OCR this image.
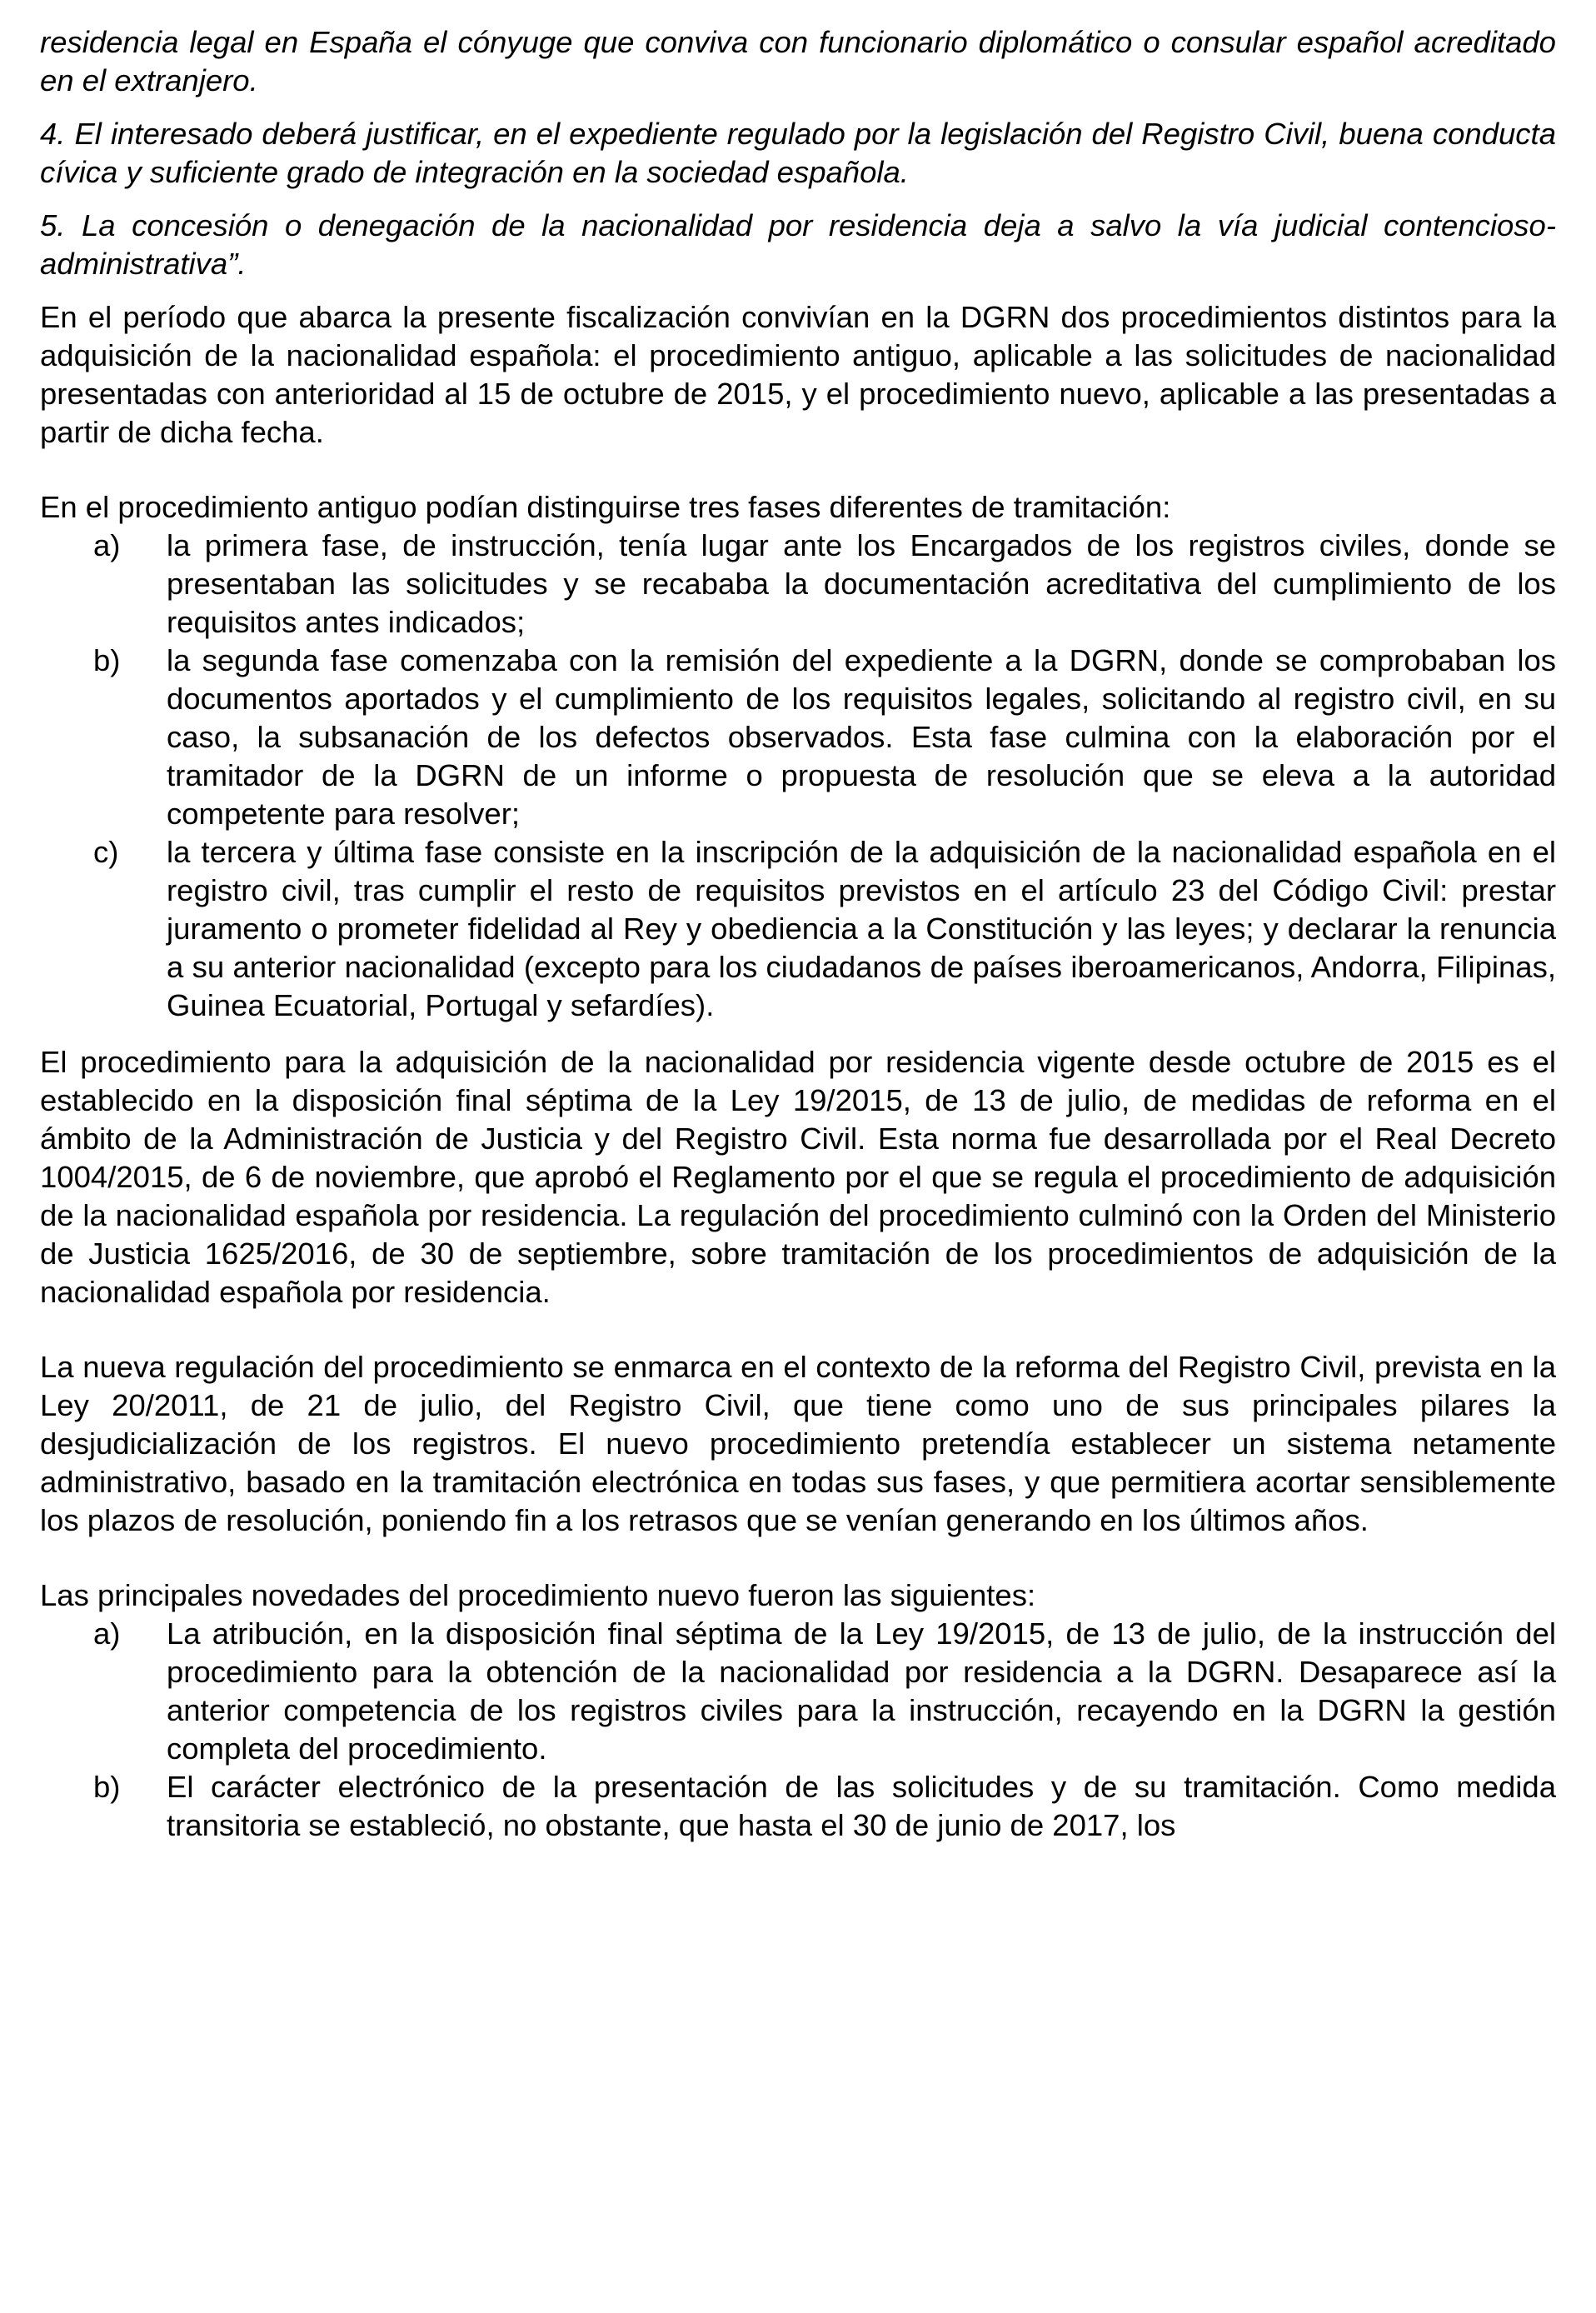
residencia legal en España el cónyuge que conviva con funcionario diplomático o consular español acreditado en el extranjero.

4. El interesado deberá justificar, en el expediente regulado por la legislación del Registro Civil, buena conducta cívica y suficiente grado de integración en la sociedad española.

5. La concesión o denegación de la nacionalidad por residencia deja a salvo la vía judicial contencioso-administrativa”.

En el período que abarca la presente fiscalización convivían en la DGRN dos procedimientos distintos para la adquisición de la nacionalidad española: el procedimiento antiguo, aplicable a las solicitudes de nacionalidad presentadas con anterioridad al 15 de octubre de 2015, y el procedimiento nuevo, aplicable a las presentadas a partir de dicha fecha.

En el procedimiento antiguo podían distinguirse tres fases diferentes de tramitación:

a) la primera fase, de instrucción, tenía lugar ante los Encargados de los registros civiles, donde se presentaban las solicitudes y se recababa la documentación acreditativa del cumplimiento de los requisitos antes indicados;
b) la segunda fase comenzaba con la remisión del expediente a la DGRN, donde se comprobaban los documentos aportados y el cumplimiento de los requisitos legales, solicitando al registro civil, en su caso, la subsanación de los defectos observados. Esta fase culmina con la elaboración por el tramitador de la DGRN de un informe o propuesta de resolución que se eleva a la autoridad competente para resolver;
c) la tercera y última fase consiste en la inscripción de la adquisición de la nacionalidad española en el registro civil, tras cumplir el resto de requisitos previstos en el artículo 23 del Código Civil: prestar juramento o prometer fidelidad al Rey y obediencia a la Constitución y las leyes; y declarar la renuncia a su anterior nacionalidad (excepto para los ciudadanos de países iberoamericanos, Andorra, Filipinas, Guinea Ecuatorial, Portugal y sefardíes).

El procedimiento para la adquisición de la nacionalidad por residencia vigente desde octubre de 2015 es el establecido en la disposición final séptima de la Ley 19/2015, de 13 de julio, de medidas de reforma en el ámbito de la Administración de Justicia y del Registro Civil. Esta norma fue desarrollada por el Real Decreto 1004/2015, de 6 de noviembre, que aprobó el Reglamento por el que se regula el procedimiento de adquisición de la nacionalidad española por residencia. La regulación del procedimiento culminó con la Orden del Ministerio de Justicia 1625/2016, de 30 de septiembre, sobre tramitación de los procedimientos de adquisición de la nacionalidad española por residencia.

La nueva regulación del procedimiento se enmarca en el contexto de la reforma del Registro Civil, prevista en la Ley 20/2011, de 21 de julio, del Registro Civil, que tiene como uno de sus principales pilares la desjudicialización de los registros. El nuevo procedimiento pretendía establecer un sistema netamente administrativo, basado en la tramitación electrónica en todas sus fases, y que permitiera acortar sensiblemente los plazos de resolución, poniendo fin a los retrasos que se venían generando en los últimos años.

Las principales novedades del procedimiento nuevo fueron las siguientes:

a) La atribución, en la disposición final séptima de la Ley 19/2015, de 13 de julio, de la instrucción del procedimiento para la obtención de la nacionalidad por residencia a la DGRN. Desaparece así la anterior competencia de los registros civiles para la instrucción, recayendo en la DGRN la gestión completa del procedimiento.
b) El carácter electrónico de la presentación de las solicitudes y de su tramitación. Como medida transitoria se estableció, no obstante, que hasta el 30 de junio de 2017, los
